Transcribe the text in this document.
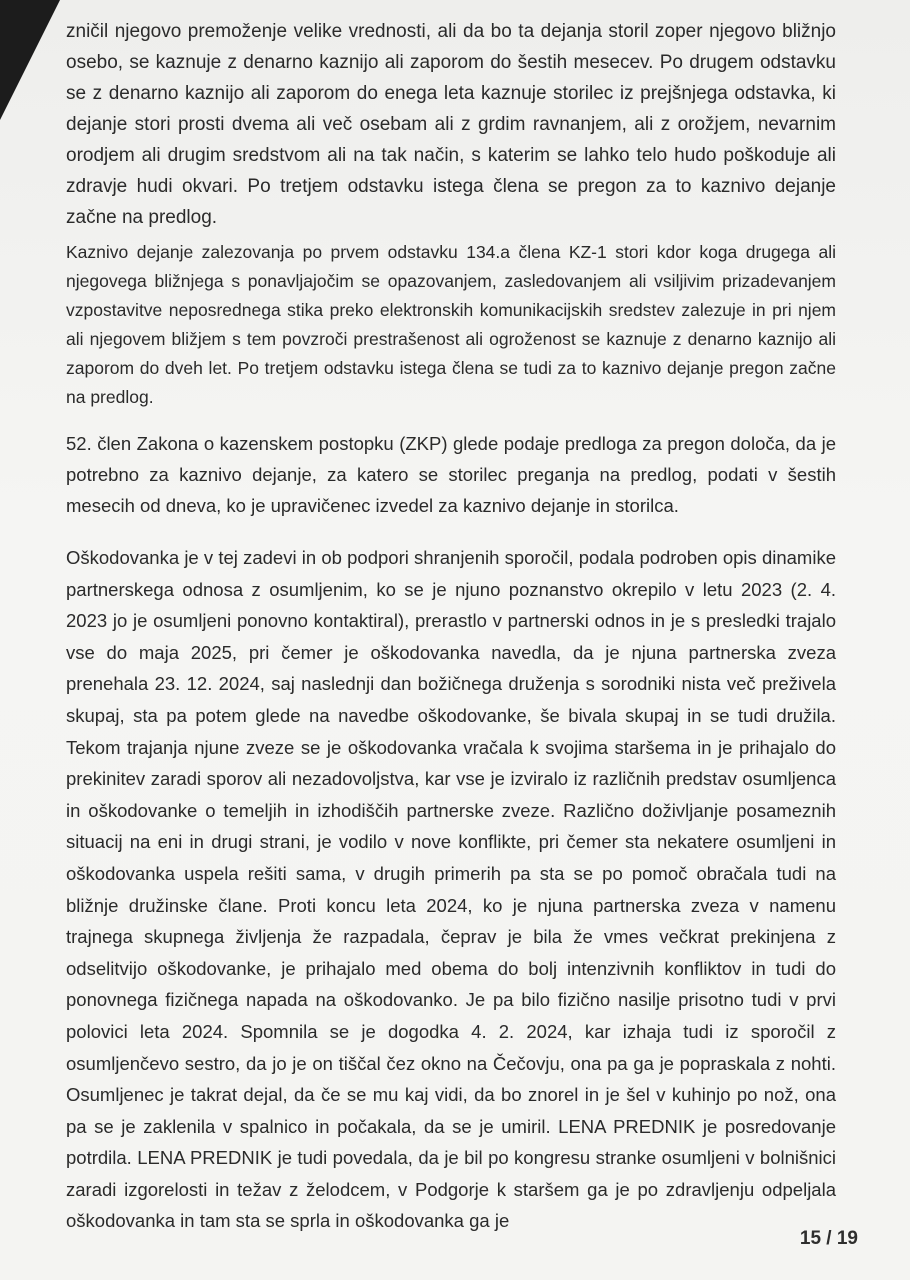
zničil njegovo premoženje velike vrednosti, ali da bo ta dejanja storil zoper njegovo bližnjo osebo, se kaznuje z denarno kaznijo ali zaporom do šestih mesecev. Po drugem odstavku se z denarno kaznijo ali zaporom do enega leta kaznuje storilec iz prejšnjega odstavka, ki dejanje stori prosti dvema ali več osebam ali z grdim ravnanjem, ali z orožjem, nevarnim orodjem ali drugim sredstvom ali na tak način, s katerim se lahko telo hudo poškoduje ali zdravje hudi okvari. Po tretjem odstavku istega člena se pregon za to kaznivo dejanje začne na predlog.

Kaznivo dejanje zalezovanja po prvem odstavku 134.a člena KZ-1 stori kdor koga drugega ali njegovega bližnjega s ponavljajočim se opazovanjem, zasledovanjem ali vsiljivim prizadevanjem vzpostavitve neposrednega stika preko elektronskih komunikacijskih sredstev zalezuje in pri njem ali njegovem bližjem s tem povzroči prestrašenost ali ogroženost se kaznuje z denarno kaznijo ali zaporom do dveh let. Po tretjem odstavku istega člena se tudi za to kaznivo dejanje pregon začne na predlog.

52. člen Zakona o kazenskem postopku (ZKP) glede podaje predloga za pregon določa, da je potrebno za kaznivo dejanje, za katero se storilec preganja na predlog, podati v šestih mesecih od dneva, ko je upravičenec izvedel za kaznivo dejanje in storilca.

Oškodovanka je v tej zadevi in ob podpori shranjenih sporočil, podala podroben opis dinamike partnerskega odnosa z osumljenim, ko se je njuno poznanstvo okrepilo v letu 2023 (2. 4. 2023 jo je osumljeni ponovno kontaktiral), prerastlo v partnerski odnos in je s presledki trajalo vse do maja 2025, pri čemer je oškodovanka navedla, da je njuna partnerska zveza prenehala 23. 12. 2024, saj naslednji dan božičnega druženja s sorodniki nista več preživela skupaj, sta pa potem glede na navedbe oškodovanke, še bivala skupaj in se tudi družila. Tekom trajanja njune zveze se je oškodovanka vračala k svojima staršema in je prihajalo do prekinitev zaradi sporov ali nezadovoljstva, kar vse je izviralo iz različnih predstav osumljenca in oškodovanke o temeljih in izhodiščih partnerske zveze. Različno doživljanje posameznih situacij na eni in drugi strani, je vodilo v nove konflikte, pri čemer sta nekatere osumljeni in oškodovanka uspela rešiti sama, v drugih primerih pa sta se po pomoč obračala tudi na bližnje družinske člane. Proti koncu leta 2024, ko je njuna partnerska zveza v namenu trajnega skupnega življenja že razpadala, čeprav je bila že vmes večkrat prekinjena z odselitvijo oškodovanke, je prihajalo med obema do bolj intenzivnih konfliktov in tudi do ponovnega fizičnega napada na oškodovanko. Je pa bilo fizično nasilje prisotno tudi v prvi polovici leta 2024. Spomnila se je dogodka 4. 2. 2024, kar izhaja tudi iz sporočil z osumljenčevo sestro, da jo je on tiščal čez okno na Čečovju, ona pa ga je popraskala z nohti. Osumljenec je takrat dejal, da če se mu kaj vidi, da bo znorel in je šel v kuhinjo po nož, ona pa se je zaklenila v spalnico in počakala, da se je umiril. LENA PREDNIK je posredovanje potrdila. LENA PREDNIK je tudi povedala, da je bil po kongresu stranke osumljeni v bolnišnici zaradi izgorelosti in težav z želodcem, v Podgorje k staršem ga je po zdravljenju odpeljala oškodovanka in tam sta se sprla in oškodovanka ga je

15 / 19
